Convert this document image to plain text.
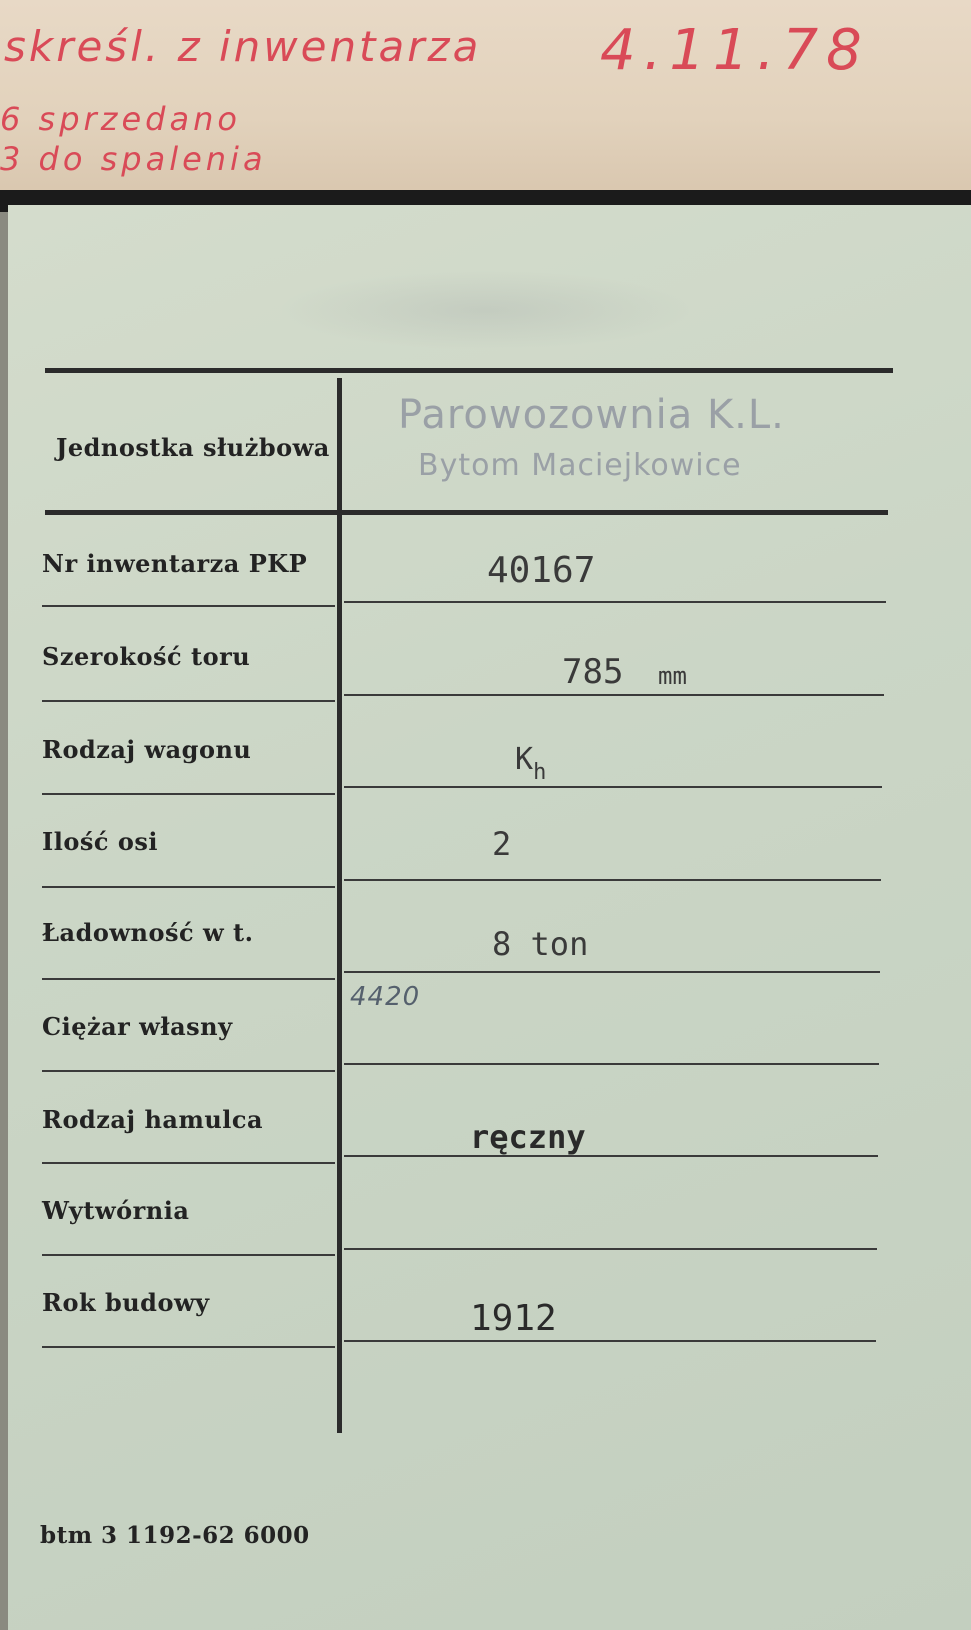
skreśl. z inwentarza 4.11.78
6 sprzedano
3 do spalenia
Jednostka służbowa
Nr inwentarza PKP
Szerokość toru
Rodzaj wagonu
Ilość osi
Ładowność w t.
Ciężar własny
Rodzaj hamulca
Wytwórnia
Rok budowy
Parowozownia K.L.
Bytom Maciejkowice
40167
785 mm
$K_h$
2
8 ton
4420
ręczny
1912
btm 3 1192-62 6000
